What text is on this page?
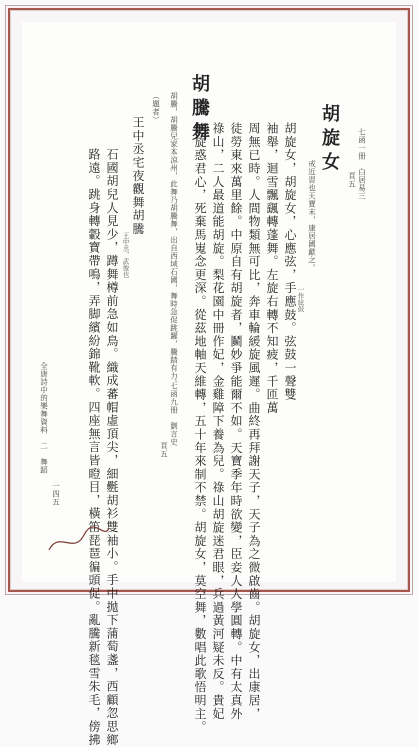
七函一冊　白居易三
頁五
胡旋女
戒近習也天寶末，康居國獻之。
胡旋女，胡旋女，心應弦，手應鼓。弦鼓一聲雙 一作絃鼓
袖舉，迴雪飄颻轉蓬舞。左旋右轉不知疲，千匝萬
周無已時。人間物類無可比，奔車輪緩旋風遲。曲終再拜謝天子，天子為之微啟齒。胡旋女，出康居，
徒勞東來萬里餘。中原自有胡旋者，鬭妙爭能爾不如。天寶季年時欲變，臣妾人人學圓轉。中有太真外
祿山，二人最道能胡旋。梨花園中冊作妃，金雞障下養為兒。祿山胡旋迷君眼，兵過黃河疑未反。貴妃
胡旋惑君心，死棄馬嵬念更深。從茲地軸天維轉，五十年來制不禁。胡旋女，莫空舞，數唱此歌悟明主。
胡騰，胡騰兒家本涼州，此舞乃胡騰舞，出自西域石國，舞時急促跳躍，騰踏有力。
七函九冊　劉言史
頁五
胡騰舞
（題者）
王中丞宅夜觀舞胡騰
王中丞，武俊也
石國胡兒人見少，蹲舞樽前急如鳥。織成蕃帽虛頂尖，細氎胡衫雙袖小。手中拋下蒲萄盞，西顧忽思鄉
路遠。跳身轉轂寶帶鳴，弄脚繽紛錦靴軟。四座無言皆瞪目，橫笛琵琶徧頭促。亂騰新毯雪朱毛，傍拂
全唐詩中的樂舞資料　二　舞蹈
一四五
